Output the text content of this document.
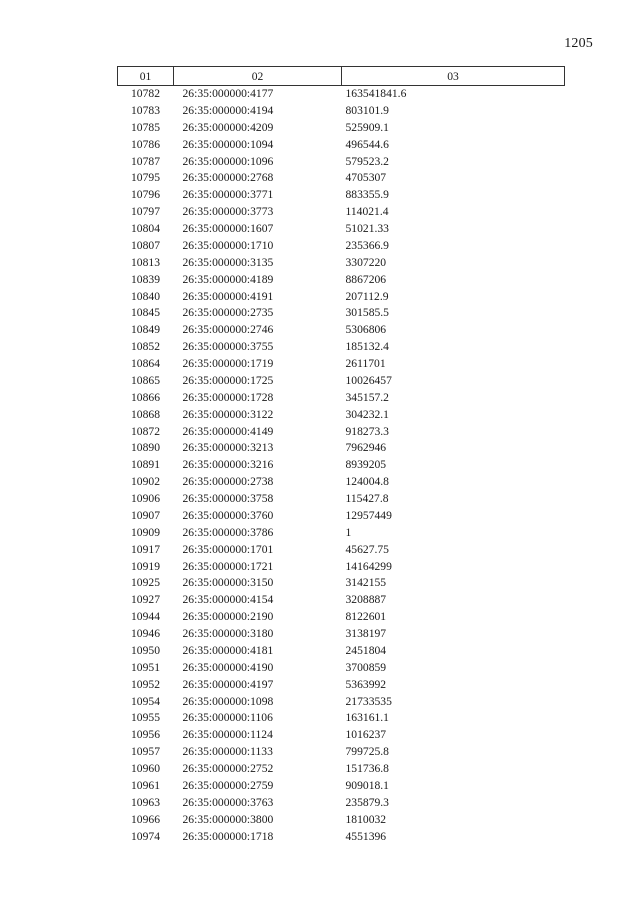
1205
01	02	03
10782	26:35:000000:4177	163541841.6
10783	26:35:000000:4194	803101.9
10785	26:35:000000:4209	525909.1
10786	26:35:000000:1094	496544.6
10787	26:35:000000:1096	579523.2
10795	26:35:000000:2768	4705307
10796	26:35:000000:3771	883355.9
10797	26:35:000000:3773	114021.4
10804	26:35:000000:1607	51021.33
10807	26:35:000000:1710	235366.9
10813	26:35:000000:3135	3307220
10839	26:35:000000:4189	8867206
10840	26:35:000000:4191	207112.9
10845	26:35:000000:2735	301585.5
10849	26:35:000000:2746	5306806
10852	26:35:000000:3755	185132.4
10864	26:35:000000:1719	2611701
10865	26:35:000000:1725	10026457
10866	26:35:000000:1728	345157.2
10868	26:35:000000:3122	304232.1
10872	26:35:000000:4149	918273.3
10890	26:35:000000:3213	7962946
10891	26:35:000000:3216	8939205
10902	26:35:000000:2738	124004.8
10906	26:35:000000:3758	115427.8
10907	26:35:000000:3760	12957449
10909	26:35:000000:3786	1
10917	26:35:000000:1701	45627.75
10919	26:35:000000:1721	14164299
10925	26:35:000000:3150	3142155
10927	26:35:000000:4154	3208887
10944	26:35:000000:2190	8122601
10946	26:35:000000:3180	3138197
10950	26:35:000000:4181	2451804
10951	26:35:000000:4190	3700859
10952	26:35:000000:4197	5363992
10954	26:35:000000:1098	21733535
10955	26:35:000000:1106	163161.1
10956	26:35:000000:1124	1016237
10957	26:35:000000:1133	799725.8
10960	26:35:000000:2752	151736.8
10961	26:35:000000:2759	909018.1
10963	26:35:000000:3763	235879.3
10966	26:35:000000:3800	1810032
10974	26:35:000000:1718	4551396
